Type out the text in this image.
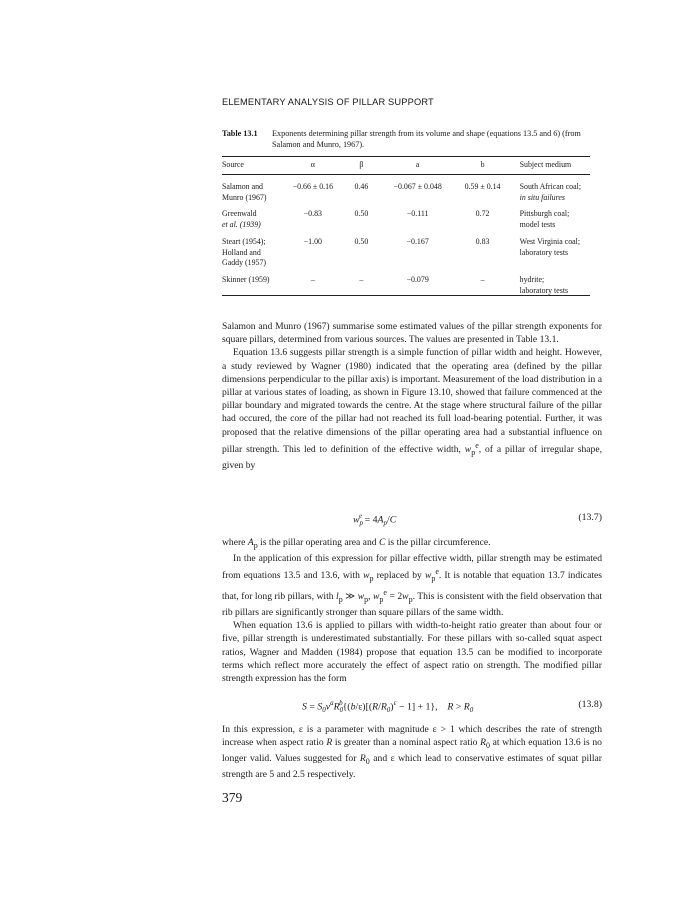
ELEMENTARY ANALYSIS OF PILLAR SUPPORT
Table 13.1 Exponents determining pillar strength from its volume and shape (equations 13.5 and 6) (from Salamon and Munro, 1967).
Source	α	β	a	b	Subject medium
Salamon and Munro (1967)	−0.66 ± 0.16	0.46	−0.067 ± 0.048	0.59 ± 0.14	South African coal;
in situ failures
Greenwald
et al. (1939)	−0.83	0.50	−0.111	0.72	Pittsburgh coal;
model tests
Steart (1954); Holland and Gaddy (1957)	−1.00	0.50	−0.167	0.83	West Virginia coal;
laboratory tests
Skinner (1959)	–	–	−0.079	–	hydrite;
laboratory tests

Salamon and Munro (1967) summarise some estimated values of the pillar strength exponents for square pillars, determined from various sources. The values are presented in Table 13.1.

Equation 13.6 suggests pillar strength is a simple function of pillar width and height. However, a study reviewed by Wagner (1980) indicated that the operating area (defined by the pillar dimensions perpendicular to the pillar axis) is important. Measurement of the load distribution in a pillar at various states of loading, as shown in Figure 13.10, showed that failure commenced at the pillar boundary and migrated towards the centre. At the stage where structural failure of the pillar had occured, the core of the pillar had not reached its full load-bearing potential. Further, it was proposed that the relative dimensions of the pillar operating area had a substantial influence on pillar strength. This led to definition of the effective width, $w_p^e$, of a pillar of irregular shape, given by

$w_p^e = 4A_p/C$	(13.7)

where $A_p$ is the pillar operating area and C is the pillar circumference.

In the application of this expression for pillar effective width, pillar strength may be estimated from equations 13.5 and 13.6, with $w_p$ replaced by $w_p^e$. It is notable that equation 13.7 indicates that, for long rib pillars, with $l_p$ ≫ $w_p$, $w_p^e = 2w_p$. This is consistent with the field observation that rib pillars are significantly stronger than square pillars of the same width.

When equation 13.6 is applied to pillars with width-to-height ratio greater than about four or five, pillar strength is underestimated substantially. For these pillars with so-called squat aspect ratios, Wagner and Madden (1984) propose that equation 13.5 can be modified to incorporate terms which reflect more accurately the effect of aspect ratio on strength. The modified pillar strength expression has the form

$S = S_0v^aR_0^b\{(b/\varepsilon)[(R/R_0)^\varepsilon - 1] + 1\}$,    $R > R_0$
(13.8)

In this expression, ε is a parameter with magnitude ε > 1 which describes the rate of strength increase when aspect ratio R is greater than a nominal aspect ratio $R_0$ at which equation 13.6 is no longer valid. Values suggested for $R_0$ and ε which lead to conservative estimates of squat pillar strength are 5 and 2.5 respectively.

379
